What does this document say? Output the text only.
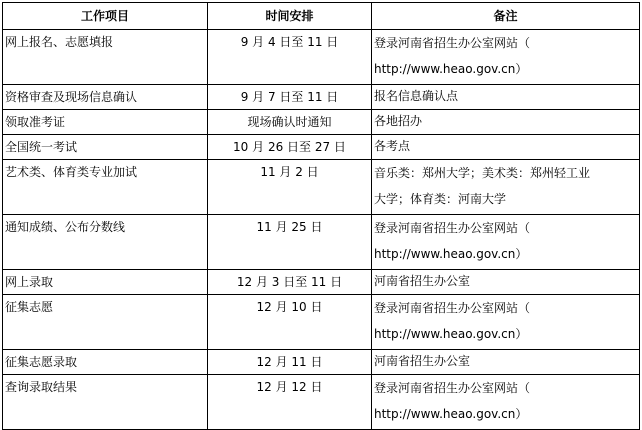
工作项目	时间安排	备注
网上报名、志愿填报	9 月 4 日至 11 日	登录河南省招生办公室网站（
http://www.heao.gov.cn）

资格审查及现场信息确认	9 月 7 日至 11 日	报名信息确认点

领取准考证	现场确认时通知	各地招办

全国统一考试	10 月 26 日至 27 日	各考点

艺术类、体育类专业加试	11 月 2 日	音乐类：郑州大学；美术类：郑州轻工业
大学；体育类：河南大学

通知成绩、公布分数线	11 月 25 日	登录河南省招生办公室网站（
http://www.heao.gov.cn）

网上录取	12 月 3 日至 11 日	河南省招生办公室

征集志愿	12 月 10 日	登录河南省招生办公室网站（
http://www.heao.gov.cn）

征集志愿录取	12 月 11 日	河南省招生办公室

查询录取结果	12 月 12 日	登录河南省招生办公室网站（
http://www.heao.gov.cn）
